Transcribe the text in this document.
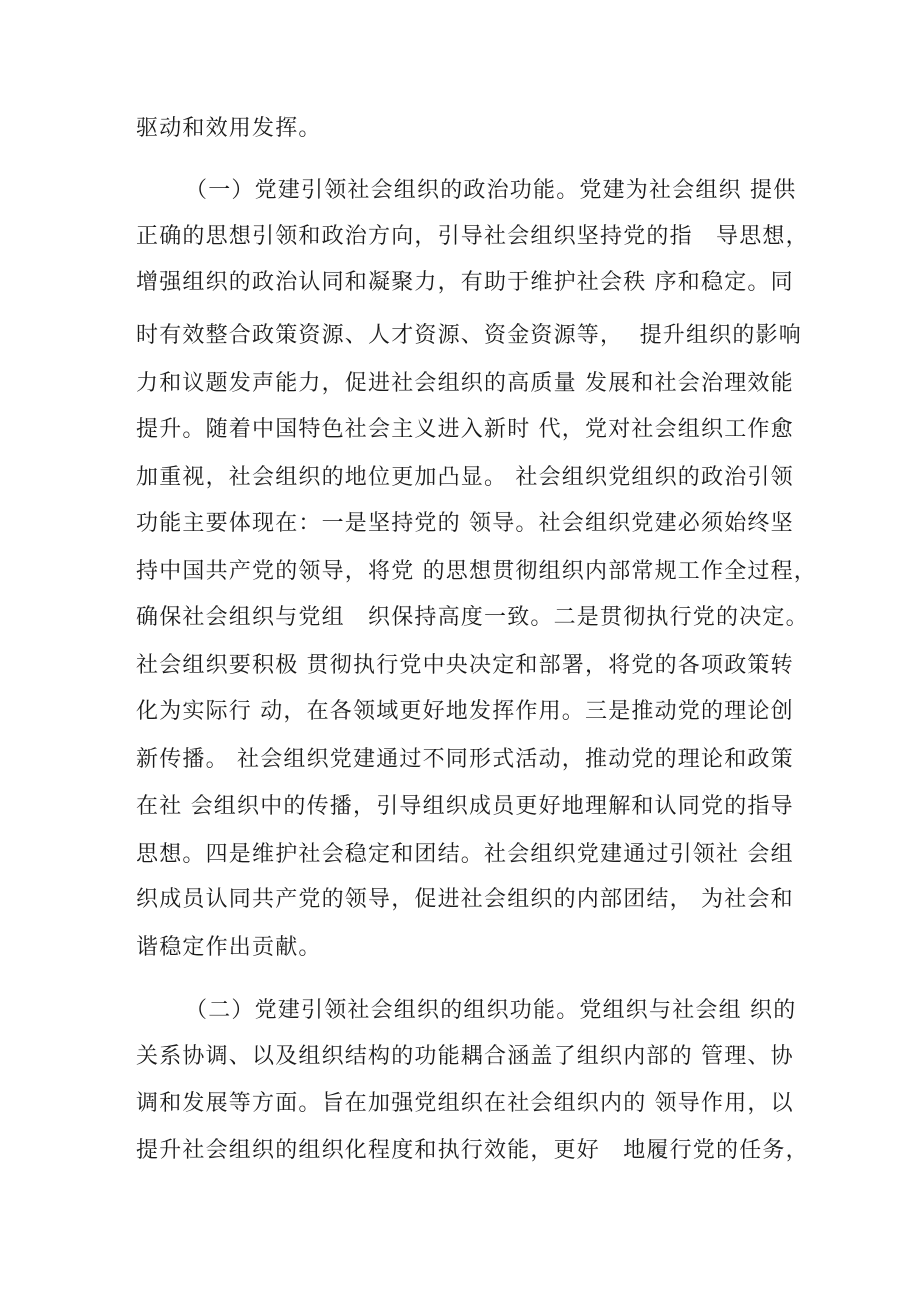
驱动和效用发挥。
（一）党建引领社会组织的政治功能。党建为社会组织 提供
正确的思想引领和政治方向，引导社会组织坚持党的指　导思想，
增强组织的政治认同和凝聚力，有助于维护社会秩 序和稳定。同
时有效整合政策资源、人才资源、资金资源等，  提升组织的影响
力和议题发声能力，促进社会组织的高质量 发展和社会治理效能
提升。随着中国特色社会主义进入新时 代，党对社会组织工作愈
加重视，社会组织的地位更加凸显。 社会组织党组织的政治引领
功能主要体现在：一是坚持党的 领导。社会组织党建必须始终坚
持中国共产党的领导，将党 的思想贯彻组织内部常规工作全过程，
确保社会组织与党组　织保持高度一致。二是贯彻执行党的决定。
社会组织要积极 贯彻执行党中央决定和部署，将党的各项政策转
化为实际行 动，在各领域更好地发挥作用。三是推动党的理论创
新传播。 社会组织党建通过不同形式活动，推动党的理论和政策
在社 会组织中的传播，引导组织成员更好地理解和认同党的指导
思想。四是维护社会稳定和团结。社会组织党建通过引领社 会组
织成员认同共产党的领导，促进社会组织的内部团结， 为社会和
谐稳定作出贡献。
（二）党建引领社会组织的组织功能。党组织与社会组 织的
关系协调、以及组织结构的功能耦合涵盖了组织内部的 管理、协
调和发展等方面。旨在加强党组织在社会组织内的 领导作用，以
提升社会组织的组织化程度和执行效能，更好　地履行党的任务，
